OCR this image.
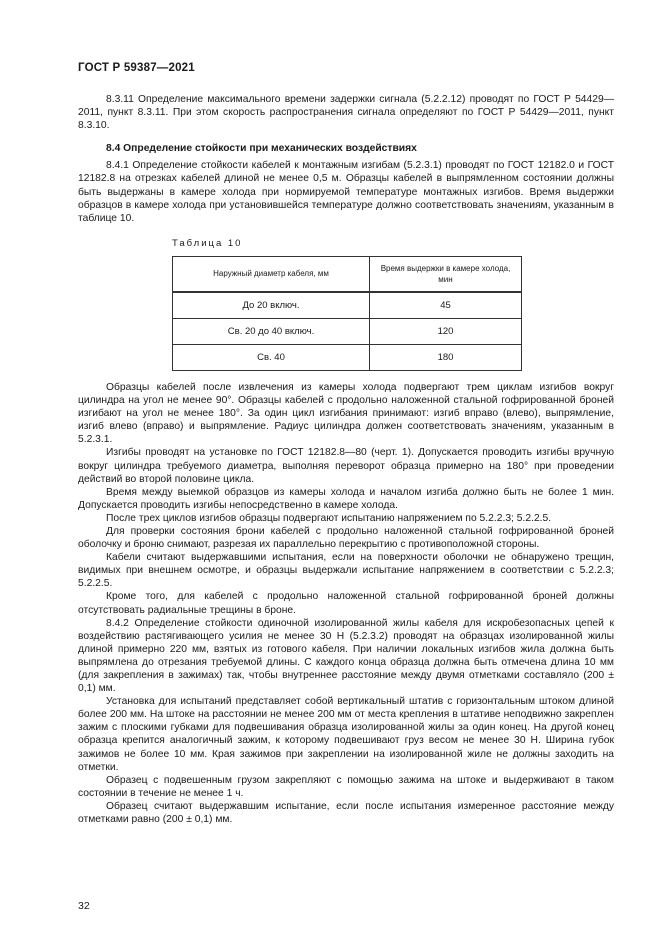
ГОСТ Р 59387—2021

8.3.11 Определение максимального времени задержки сигнала (5.2.2.12) проводят по ГОСТ Р 54429—2011, пункт 8.3.11. При этом скорость распространения сигнала определяют по ГОСТ Р 54429—2011, пункт 8.3.10.

8.4 Определение стойкости при механических воздействиях

8.4.1 Определение стойкости кабелей к монтажным изгибам (5.2.3.1) проводят по ГОСТ 12182.0 и ГОСТ 12182.8 на отрезках кабелей длиной не менее 0,5 м. Образцы кабелей в выпрямленном состоянии должны быть выдержаны в камере холода при нормируемой температуре монтажных изгибов. Время выдержки образцов в камере холода при установившейся температуре должно соответствовать значениям, указанным в таблице 10.

Таблица 10
Наружный диаметр кабеля, мм	Время выдержки в камере холода, мин
До 20 включ.	45
Св. 20 до 40 включ.	120
Св. 40	180

Образцы кабелей после извлечения из камеры холода подвергают трем циклам изгибов вокруг цилиндра на угол не менее 90°. Образцы кабелей с продольно наложенной стальной гофрированной броней изгибают на угол не менее 180°. За один цикл изгибания принимают: изгиб вправо (влево), выпрямление, изгиб влево (вправо) и выпрямление. Радиус цилиндра должен соответствовать значениям, указанным в 5.2.3.1.

Изгибы проводят на установке по ГОСТ 12182.8—80 (черт. 1). Допускается проводить изгибы вручную вокруг цилиндра требуемого диаметра, выполняя переворот образца примерно на 180° при проведении действий во второй половине цикла.

Время между выемкой образцов из камеры холода и началом изгиба должно быть не более 1 мин. Допускается проводить изгибы непосредственно в камере холода.

После трех циклов изгибов образцы подвергают испытанию напряжением по 5.2.2.3; 5.2.2.5.

Для проверки состояния брони кабелей с продольно наложенной стальной гофрированной броней оболочку и броню снимают, разрезая их параллельно перекрытию с противоположной стороны.

Кабели считают выдержавшими испытания, если на поверхности оболочки не обнаружено трещин, видимых при внешнем осмотре, и образцы выдержали испытание напряжением в соответствии с 5.2.2.3; 5.2.2.5.

Кроме того, для кабелей с продольно наложенной стальной гофрированной броней должны отсутствовать радиальные трещины в броне.

8.4.2 Определение стойкости одиночной изолированной жилы кабеля для искробезопасных цепей к воздействию растягивающего усилия не менее 30 Н (5.2.3.2) проводят на образцах изолированной жилы длиной примерно 220 мм, взятых из готового кабеля. При наличии локальных изгибов жила должна быть выпрямлена до отрезания требуемой длины. С каждого конца образца должна быть отмечена длина 10 мм (для закрепления в зажимах) так, чтобы внутреннее расстояние между двумя отметками составляло (200 ± 0,1) мм.

Установка для испытаний представляет собой вертикальный штатив с горизонтальным штоком длиной более 200 мм. На штоке на расстоянии не менее 200 мм от места крепления в штативе неподвижно закреплен зажим с плоскими губками для подвешивания образца изолированной жилы за один конец. На другой конец образца крепится аналогичный зажим, к которому подвешивают груз весом не менее 30 Н. Ширина губок зажимов не более 10 мм. Края зажимов при закреплении на изолированной жиле не должны заходить на отметки.

Образец с подвешенным грузом закрепляют с помощью зажима на штоке и выдерживают в таком состоянии в течение не менее 1 ч.

Образец считают выдержавшим испытание, если после испытания измеренное расстояние между отметками равно (200 ± 0,1) мм.

32
